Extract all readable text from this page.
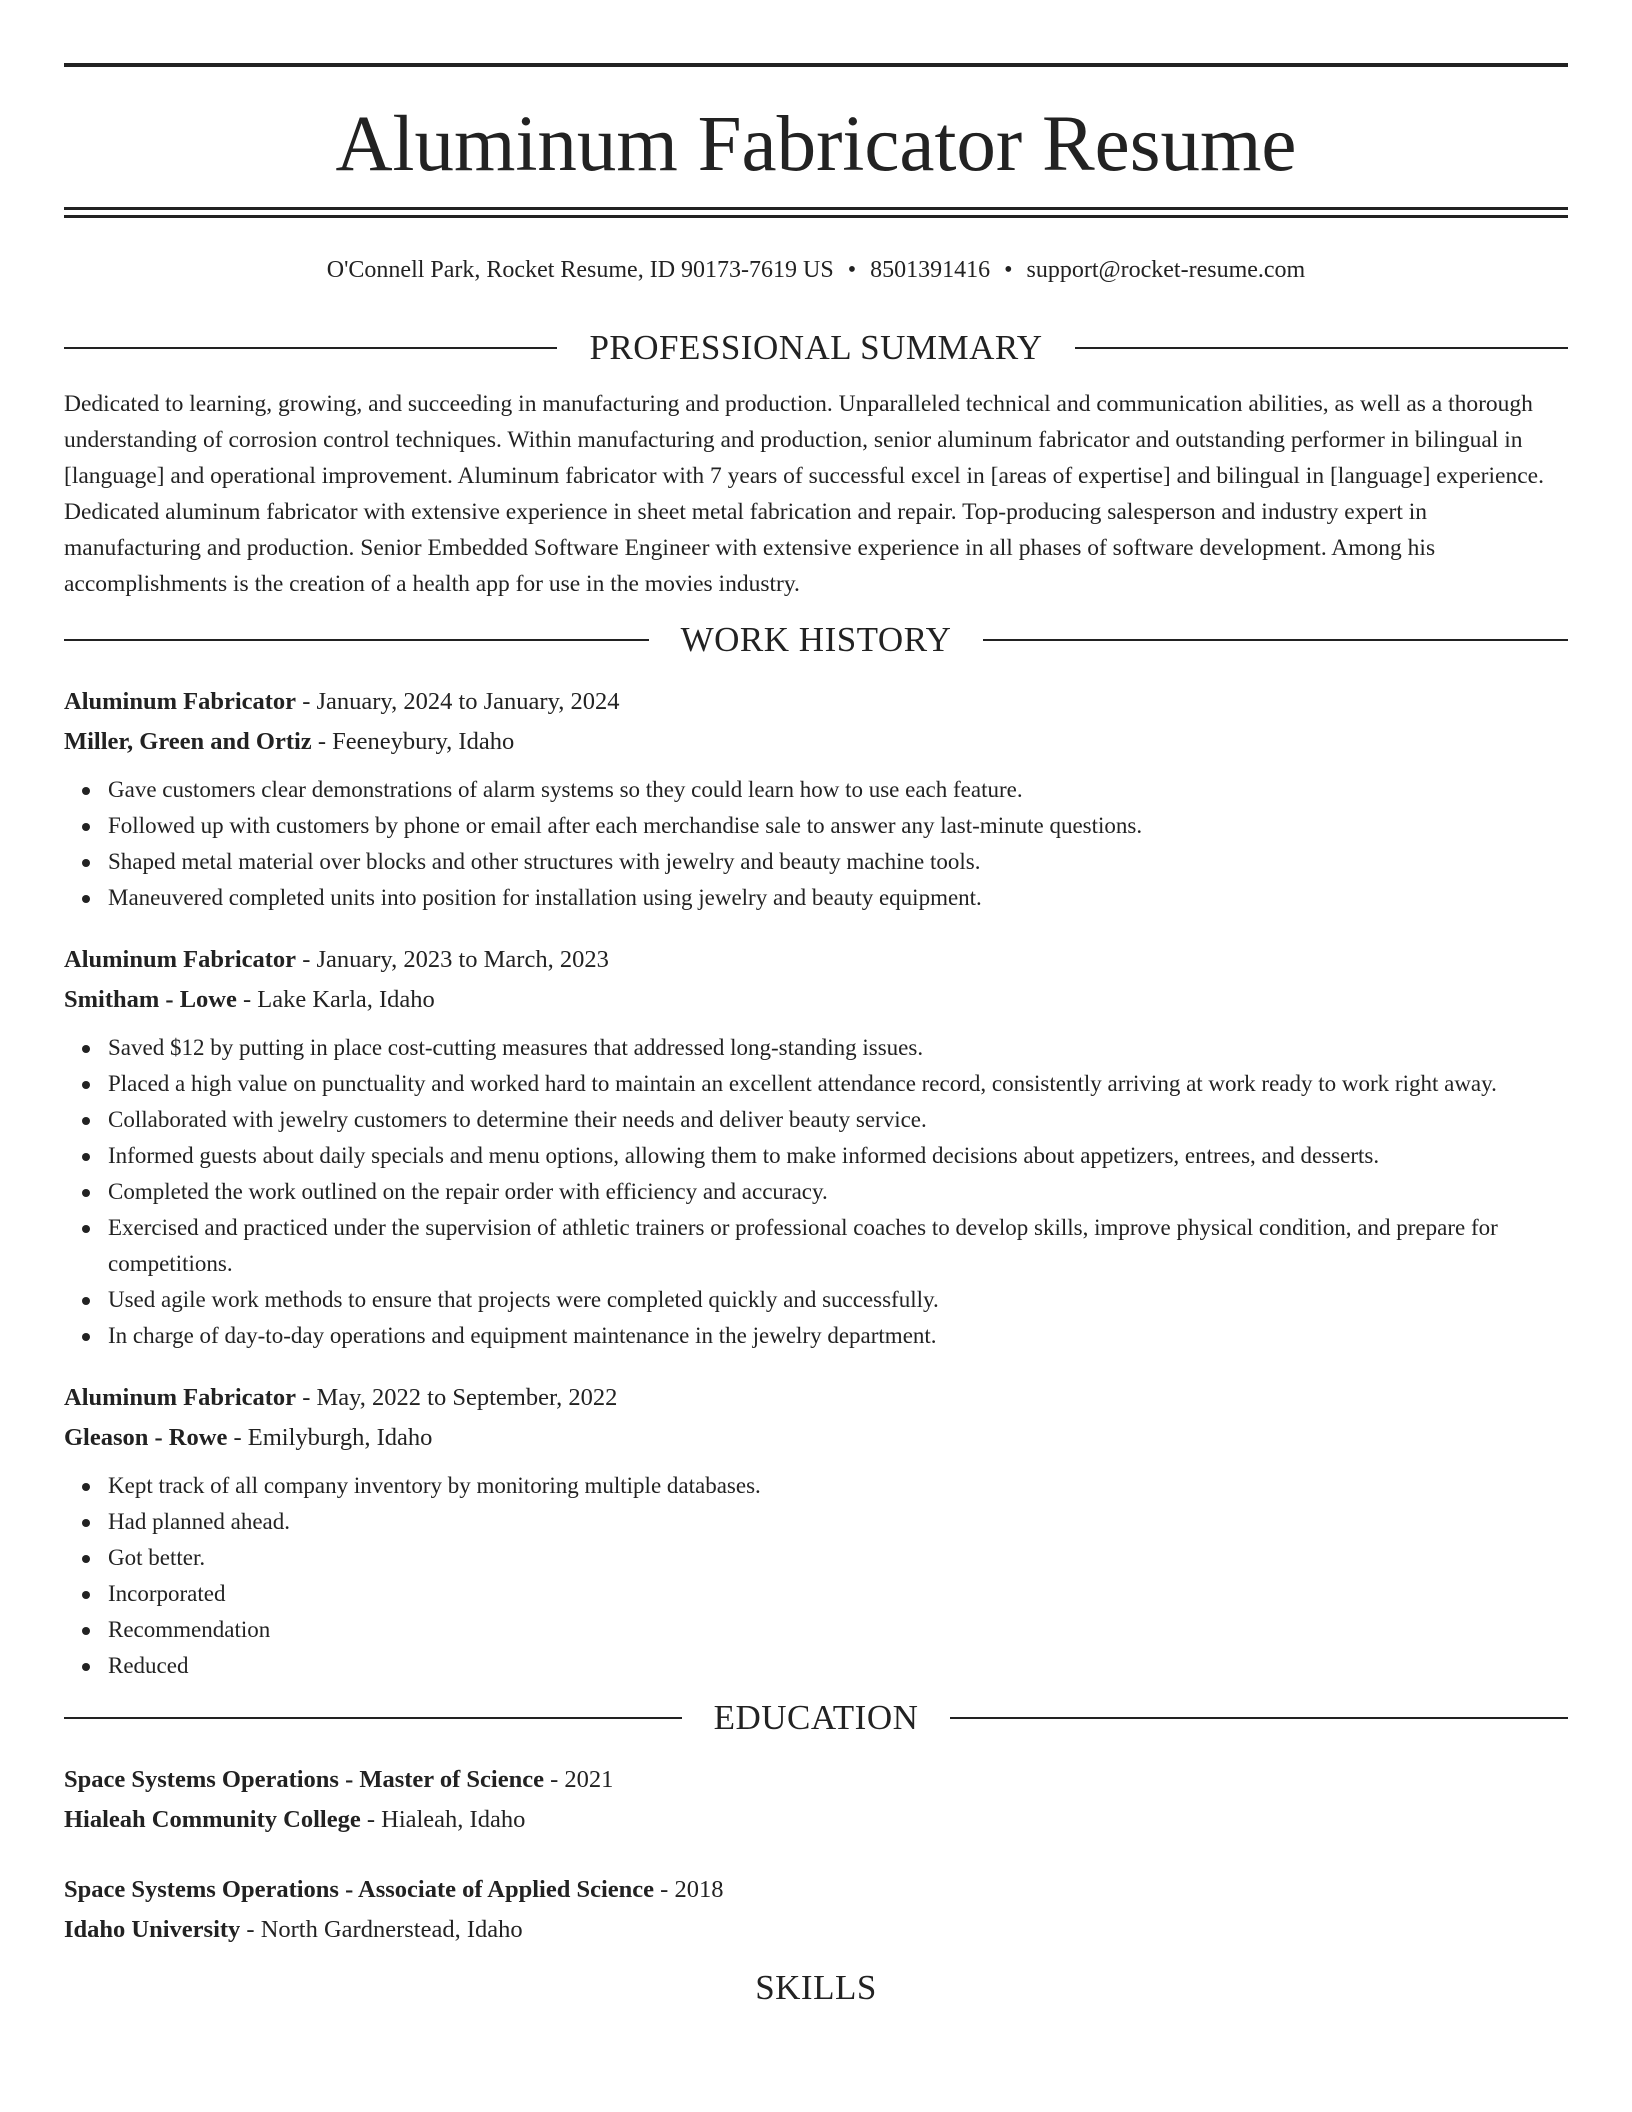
Aluminum Fabricator Resume
O'Connell Park, Rocket Resume, ID 90173-7619 US • 8501391416 • support@rocket-resume.com
PROFESSIONAL SUMMARY

Dedicated to learning, growing, and succeeding in manufacturing and production. Unparalleled technical and communication abilities, as well as a thorough understanding of corrosion control techniques. Within manufacturing and production, senior aluminum fabricator and outstanding performer in bilingual in [language] and operational improvement. Aluminum fabricator with 7 years of successful excel in [areas of expertise] and bilingual in [language] experience. Dedicated aluminum fabricator with extensive experience in sheet metal fabrication and repair. Top-producing salesperson and industry expert in manufacturing and production. Senior Embedded Software Engineer with extensive experience in all phases of software development. Among his accomplishments is the creation of a health app for use in the movies industry.

WORK HISTORY
Aluminum Fabricator - January, 2024 to January, 2024
Miller, Green and Ortiz - Feeneybury, Idaho
Gave customers clear demonstrations of alarm systems so they could learn how to use each feature.
Followed up with customers by phone or email after each merchandise sale to answer any last-minute questions.
Shaped metal material over blocks and other structures with jewelry and beauty machine tools.
Maneuvered completed units into position for installation using jewelry and beauty equipment.
Aluminum Fabricator - January, 2023 to March, 2023
Smitham - Lowe - Lake Karla, Idaho
Saved $12 by putting in place cost-cutting measures that addressed long-standing issues.
Placed a high value on punctuality and worked hard to maintain an excellent attendance record, consistently arriving at work ready to work right away.
Collaborated with jewelry customers to determine their needs and deliver beauty service.
Informed guests about daily specials and menu options, allowing them to make informed decisions about appetizers, entrees, and desserts.
Completed the work outlined on the repair order with efficiency and accuracy.
Exercised and practiced under the supervision of athletic trainers or professional coaches to develop skills, improve physical condition, and prepare for competitions.
Used agile work methods to ensure that projects were completed quickly and successfully.
In charge of day-to-day operations and equipment maintenance in the jewelry department.
Aluminum Fabricator - May, 2022 to September, 2022
Gleason - Rowe - Emilyburgh, Idaho
Kept track of all company inventory by monitoring multiple databases.
Had planned ahead.
Got better.
Incorporated
Recommendation
Reduced
EDUCATION
Space Systems Operations - Master of Science - 2021
Hialeah Community College - Hialeah, Idaho
Space Systems Operations - Associate of Applied Science - 2018
Idaho University - North Gardnerstead, Idaho
SKILLS
